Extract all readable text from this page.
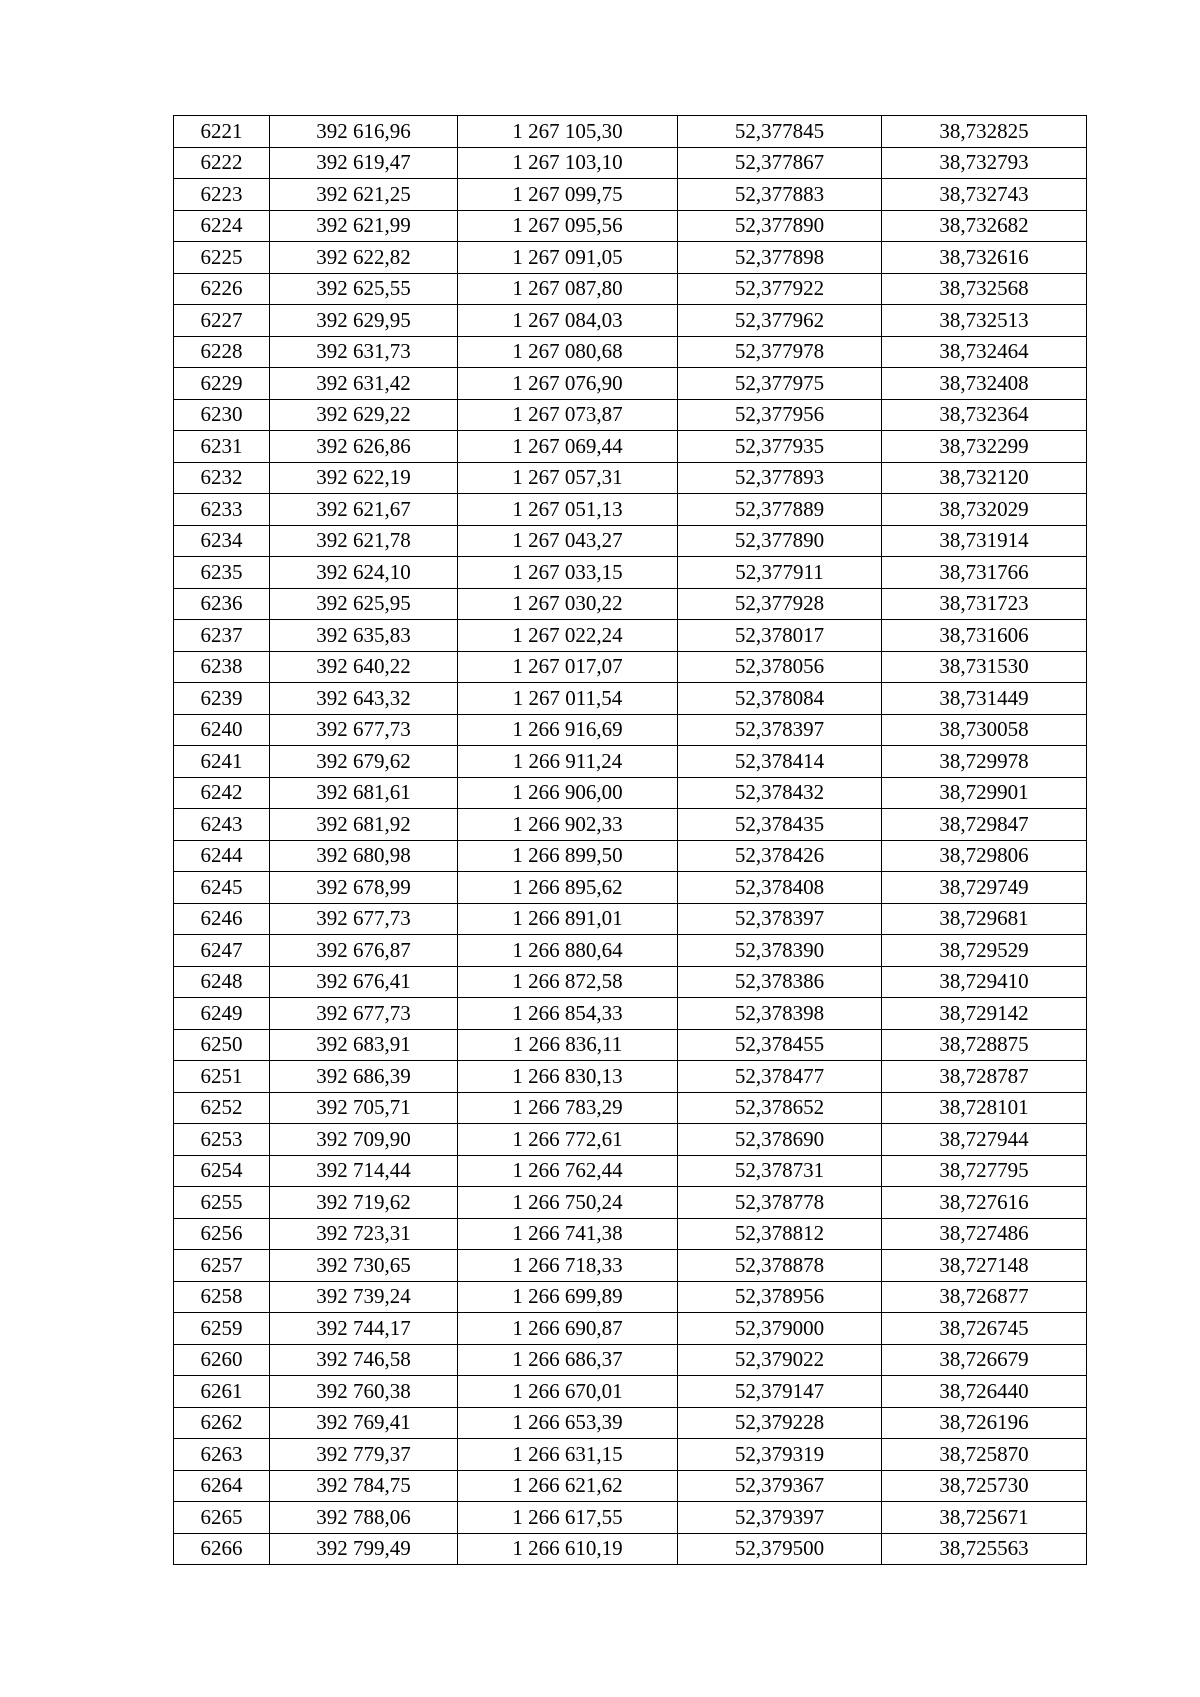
6221	392 616,96	1 267 105,30	52,377845	38,732825
6222	392 619,47	1 267 103,10	52,377867	38,732793
6223	392 621,25	1 267 099,75	52,377883	38,732743
6224	392 621,99	1 267 095,56	52,377890	38,732682
6225	392 622,82	1 267 091,05	52,377898	38,732616
6226	392 625,55	1 267 087,80	52,377922	38,732568
6227	392 629,95	1 267 084,03	52,377962	38,732513
6228	392 631,73	1 267 080,68	52,377978	38,732464
6229	392 631,42	1 267 076,90	52,377975	38,732408
6230	392 629,22	1 267 073,87	52,377956	38,732364
6231	392 626,86	1 267 069,44	52,377935	38,732299
6232	392 622,19	1 267 057,31	52,377893	38,732120
6233	392 621,67	1 267 051,13	52,377889	38,732029
6234	392 621,78	1 267 043,27	52,377890	38,731914
6235	392 624,10	1 267 033,15	52,377911	38,731766
6236	392 625,95	1 267 030,22	52,377928	38,731723
6237	392 635,83	1 267 022,24	52,378017	38,731606
6238	392 640,22	1 267 017,07	52,378056	38,731530
6239	392 643,32	1 267 011,54	52,378084	38,731449
6240	392 677,73	1 266 916,69	52,378397	38,730058
6241	392 679,62	1 266 911,24	52,378414	38,729978
6242	392 681,61	1 266 906,00	52,378432	38,729901
6243	392 681,92	1 266 902,33	52,378435	38,729847
6244	392 680,98	1 266 899,50	52,378426	38,729806
6245	392 678,99	1 266 895,62	52,378408	38,729749
6246	392 677,73	1 266 891,01	52,378397	38,729681
6247	392 676,87	1 266 880,64	52,378390	38,729529
6248	392 676,41	1 266 872,58	52,378386	38,729410
6249	392 677,73	1 266 854,33	52,378398	38,729142
6250	392 683,91	1 266 836,11	52,378455	38,728875
6251	392 686,39	1 266 830,13	52,378477	38,728787
6252	392 705,71	1 266 783,29	52,378652	38,728101
6253	392 709,90	1 266 772,61	52,378690	38,727944
6254	392 714,44	1 266 762,44	52,378731	38,727795
6255	392 719,62	1 266 750,24	52,378778	38,727616
6256	392 723,31	1 266 741,38	52,378812	38,727486
6257	392 730,65	1 266 718,33	52,378878	38,727148
6258	392 739,24	1 266 699,89	52,378956	38,726877
6259	392 744,17	1 266 690,87	52,379000	38,726745
6260	392 746,58	1 266 686,37	52,379022	38,726679
6261	392 760,38	1 266 670,01	52,379147	38,726440
6262	392 769,41	1 266 653,39	52,379228	38,726196
6263	392 779,37	1 266 631,15	52,379319	38,725870
6264	392 784,75	1 266 621,62	52,379367	38,725730
6265	392 788,06	1 266 617,55	52,379397	38,725671
6266	392 799,49	1 266 610,19	52,379500	38,725563
